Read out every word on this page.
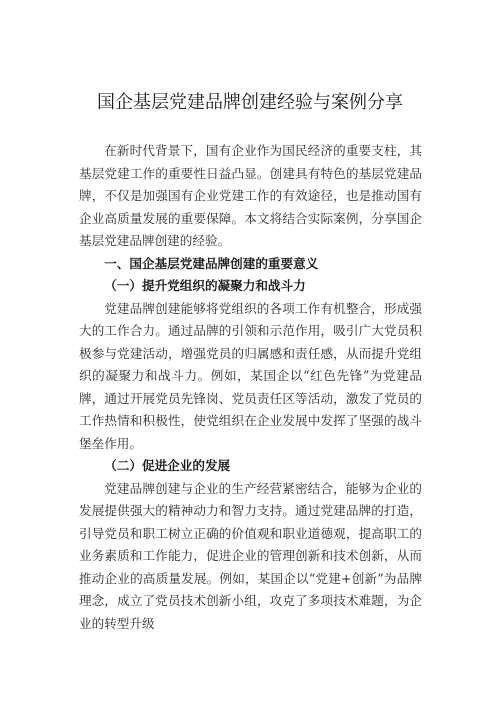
国企基层党建品牌创建经验与案例分享

在新时代背景下，国有企业作为国民经济的重要支柱，其基层党建工作的重要性日益凸显。创建具有特色的基层党建品牌，不仅是加强国有企业党建工作的有效途径，也是推动国有企业高质量发展的重要保障。本文将结合实际案例，分享国企基层党建品牌创建的经验。

一、国企基层党建品牌创建的重要意义

（一）提升党组织的凝聚力和战斗力

党建品牌创建能够将党组织的各项工作有机整合，形成强大的工作合力。通过品牌的引领和示范作用，吸引广大党员积极参与党建活动，增强党员的归属感和责任感，从而提升党组织的凝聚力和战斗力。例如，某国企以“红色先锋”为党建品牌，通过开展党员先锋岗、党员责任区等活动，激发了党员的工作热情和积极性，使党组织在企业发展中发挥了坚强的战斗堡垒作用。

（二）促进企业的发展

党建品牌创建与企业的生产经营紧密结合，能够为企业的发展提供强大的精神动力和智力支持。通过党建品牌的打造，引导党员和职工树立正确的价值观和职业道德观，提高职工的业务素质和工作能力，促进企业的管理创新和技术创新，从而推动企业的高质量发展。例如，某国企以“党建+创新”为品牌理念，成立了党员技术创新小组，攻克了多项技术难题，为企业的转型升级
